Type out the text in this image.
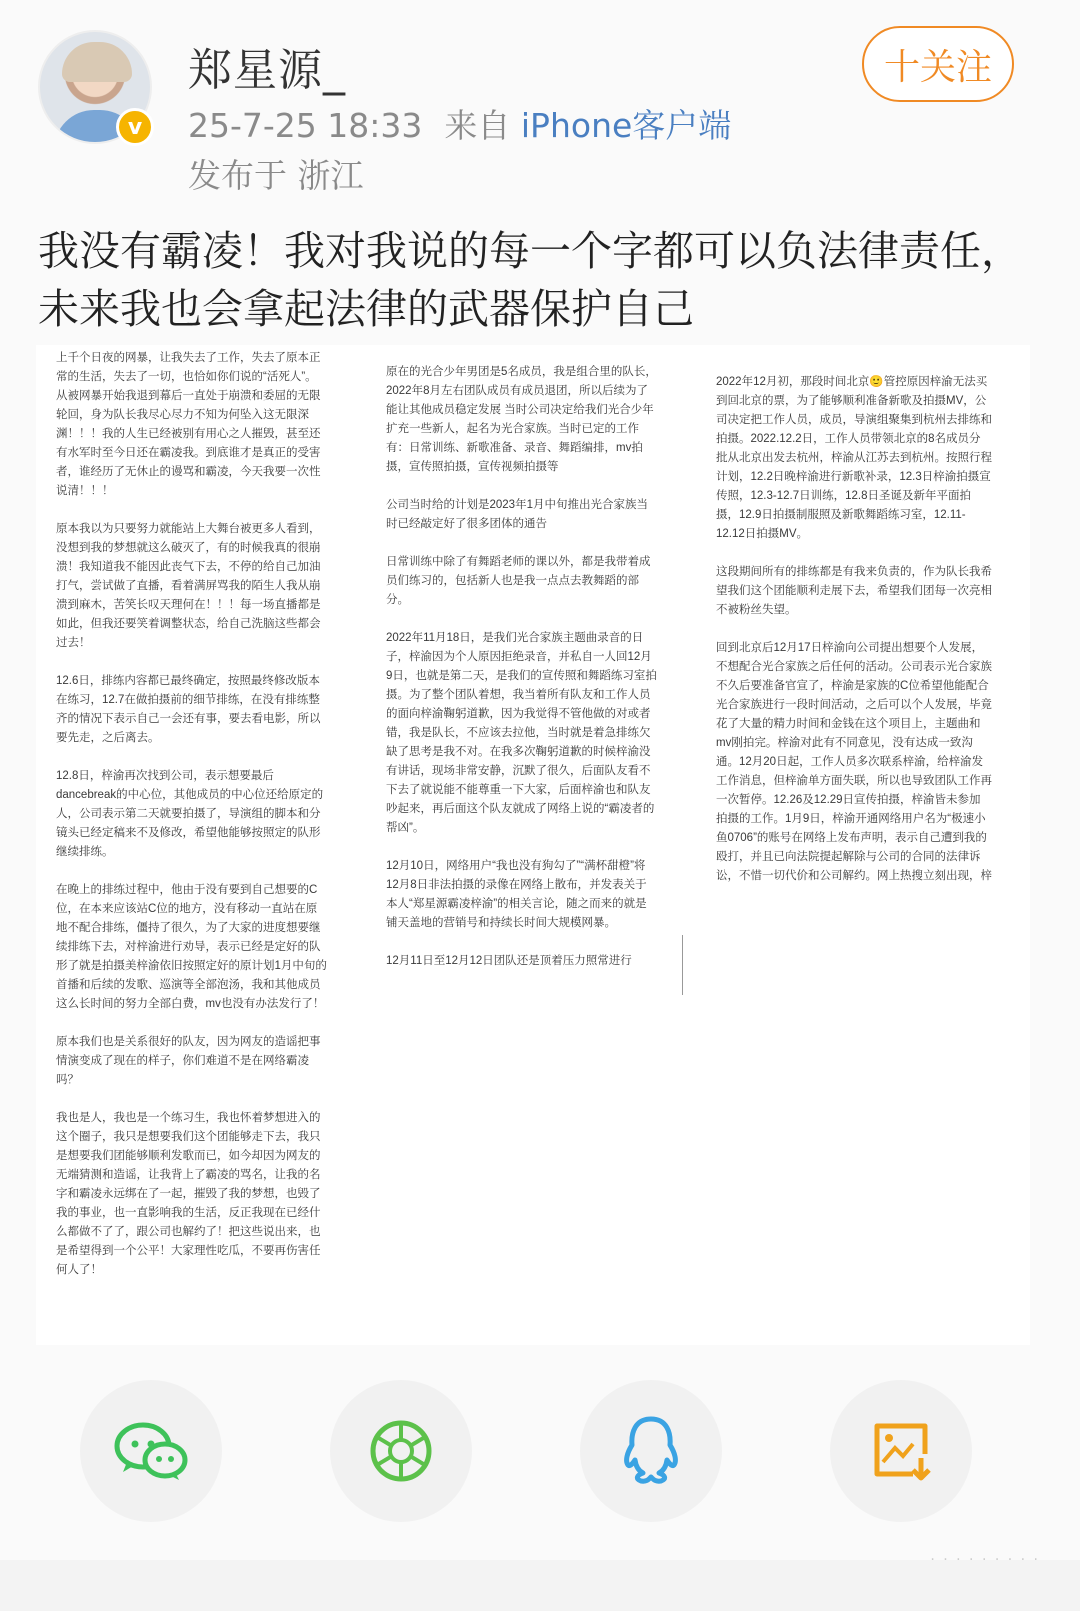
v
郑星源_
25-7-25 18:33 来自 iPhone客户端
发布于 浙江
十关注
我没有霸凌！我对我说的每一个字都可以负法律责任，未来我也会拿起法律的武器保护自己

上千个日夜的网暴，让我失去了工作，失去了原本正常的生活，失去了一切，也恰如你们说的“活死人”。从被网暴开始我退到幕后一直处于崩溃和委屈的无限轮回，身为队长我尽心尽力不知为何坠入这无限深渊！！！我的人生已经被别有用心之人摧毁，甚至还有水军时至今日还在霸凌我。到底谁才是真正的受害者，谁经历了无休止的谩骂和霸凌，今天我要一次性说清！！！

原本我以为只要努力就能站上大舞台被更多人看到，没想到我的梦想就这么破灭了，有的时候我真的很崩溃！我知道我不能因此丧气下去，不停的给自己加油打气，尝试做了直播，看着满屏骂我的陌生人我从崩溃到麻木，苦笑长叹天理何在！！！每一场直播都是如此，但我还要笑着调整状态，给自己洗脑这些都会过去！

12.6日，排练内容都已最终确定，按照最终修改版本在练习，12.7在做拍摄前的细节排练，在没有排练整齐的情况下表示自己一会还有事，要去看电影，所以要先走，之后离去。

12.8日，梓渝再次找到公司，表示想要最后dancebreak的中心位，其他成员的中心位还给原定的人，公司表示第二天就要拍摄了，导演组的脚本和分镜头已经定稿来不及修改，希望他能够按照定的队形继续排练。

在晚上的排练过程中，他由于没有要到自己想要的C位，在本来应该站C位的地方，没有移动一直站在原地不配合排练，僵持了很久，为了大家的进度想要继续排练下去，对梓渝进行劝导，表示已经是定好的队形了就是拍摄美梓渝依旧按照定好的原计划1月中旬的首播和后续的发歌、巡演等全部泡汤，我和其他成员这么长时间的努力全部白费，mv也没有办法发行了！

原本我们也是关系很好的队友，因为网友的造谣把事情演变成了现在的样子，你们难道不是在网络霸凌吗？

我也是人，我也是一个练习生，我也怀着梦想进入的这个圈子，我只是想要我们这个团能够走下去，我只是想要我们团能够顺利发歌而已，如今却因为网友的无端猜测和造谣，让我背上了霸凌的骂名，让我的名字和霸凌永远绑在了一起，摧毁了我的梦想，也毁了我的事业，也一直影响我的生活，反正我现在已经什么都做不了了，跟公司也解约了！把这些说出来，也是希望得到一个公平！大家理性吃瓜，不要再伤害任何人了！

原在的光合少年男团是5名成员，我是组合里的队长，2022年8月左右团队成员有成员退团，所以后续为了能让其他成员稳定发展 当时公司决定给我们光合少年扩充一些新人，起名为光合家族。当时已定的工作有：日常训练、新歌准备、录音、舞蹈编排，mv拍摄，宣传照拍摄，宣传视频拍摄等

公司当时给的计划是2023年1月中旬推出光合家族当时已经敲定好了很多团体的通告

日常训练中除了有舞蹈老师的课以外，都是我带着成员们练习的，包括新人也是我一点点去教舞蹈的部分。

2022年11月18日，是我们光合家族主题曲录音的日子，梓渝因为个人原因拒绝录音，并私自一人回12月9日，也就是第二天，是我们的宣传照和舞蹈练习室拍摄。为了整个团队着想，我当着所有队友和工作人员的面向梓渝鞠躬道歉，因为我觉得不管他做的对或者错，我是队长，不应该去拉他，当时就是着急排练欠缺了思考是我不对。在我多次鞠躬道歉的时候梓渝没有讲话，现场非常安静，沉默了很久，后面队友看不下去了就说能不能尊重一下大家，后面梓渝也和队友吵起来，再后面这个队友就成了网络上说的“霸凌者的帮凶”。

12月10日，网络用户“我也没有狗勾了”“满杯甜橙”将12月8日非法拍摄的录像在网络上散布，并发表关于本人“郑星源霸凌梓渝”的相关言论，随之而来的就是铺天盖地的营销号和持续长时间大规模网暴。

12月11日至12月12日团队还是顶着压力照常进行

2022年12月初，那段时间北京🙂管控原因梓渝无法买到回北京的票，为了能够顺利准备新歌及拍摄MV，公司决定把工作人员，成员，导演组聚集到杭州去排练和拍摄。2022.12.2日，工作人员带领北京的8名成员分批从北京出发去杭州，梓渝从江苏去到杭州。按照行程计划，12.2日晚梓渝进行新歌补录，12.3日梓渝拍摄宣传照，12.3-12.7日训练，12.8日圣诞及新年平面拍摄，12.9日拍摄制服照及新歌舞蹈练习室，12.11-12.12日拍摄MV。

这段期间所有的排练都是有我来负责的，作为队长我希望我们这个团能顺利走展下去，希望我们团每一次亮相不被粉丝失望。

回到北京后12月17日梓渝向公司提出想要个人发展，不想配合光合家族之后任何的活动。公司表示光合家族不久后要准备官宣了，梓渝是家族的C位希望他能配合光合家族进行一段时间活动，之后可以个人发展，毕竟花了大量的精力时间和金钱在这个项目上，主题曲和mv刚拍完。梓渝对此有不同意见，没有达成一致沟通。12月20日起，工作人员多次联系梓渝，给梓渝发工作消息，但梓渝单方面失联，所以也导致团队工作再一次暂停。12.26及12.29日宣传拍摄，梓渝皆未参加拍摄的工作。1月9日，梓渝开通网络用户名为“极速小鱼0706”的账号在网络上发布声明，表示自己遭到我的殴打，并且已向法院提起解除与公司的合同的法律诉讼，不惜一切代价和公司解约。网上热搜立刻出现，梓

· · · · · · · · ·
